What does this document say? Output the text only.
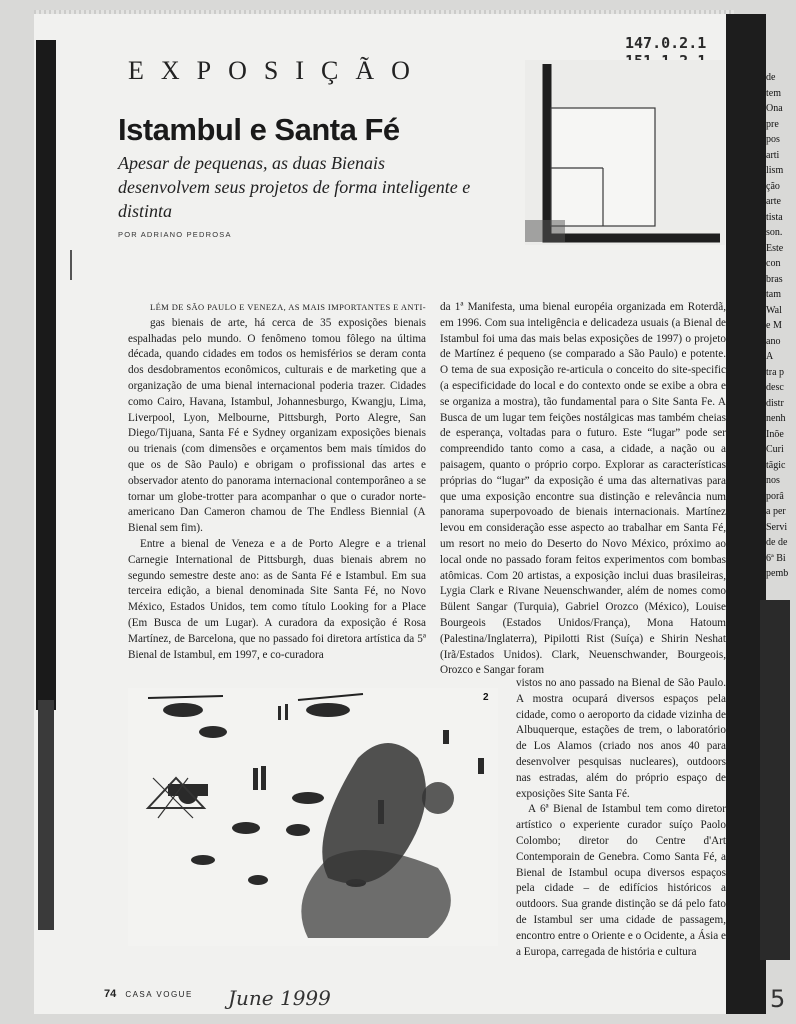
de
tem
Ona
pre
pos
arti
lism
ção
arte
tista
son.
Este
con
bras
tam
Wal
e M
ano
A
tra p
desc
distr
nenh
Inõe
Curi
tãgic
nos
porâ
a per
Servi
de de
6ª Bi
pemb
EXPOSIÇÃO
147.0.2.1
Istambul e Santa Fé
Apesar de pequenas, as duas Bienais desenvolvem seus projetos de forma inteligente e distinta
POR ADRIANO PEDROSA

LÉM DE SÃO PAULO E VENEZA, AS MAIS IMPORTANTES E ANTI-gas bienais de arte, há cerca de 35 exposições bienais espalhadas pelo mundo. O fenômeno tomou fôlego na última década, quando cidades em todos os hemisférios se deram conta dos desdobramentos econômicos, culturais e de marketing que a organização de uma bienal internacional poderia trazer. Cidades como Cairo, Havana, Istambul, Johannesburgo, Kwangju, Lima, Liverpool, Lyon, Melbourne, Pittsburgh, Porto Alegre, San Diego/Tijuana, Santa Fé e Sydney organizam exposições bienais ou trienais (com dimensões e orçamentos bem mais tímidos do que os de São Paulo) e obrigam o profissional das artes e observador atento do panorama internacional contemporâneo a se tornar um globe-trotter para acompanhar o que o curador norte-americano Dan Cameron chamou de The Endless Biennial (A Bienal sem fim).

Entre a bienal de Veneza e a de Porto Alegre e a trienal Carnegie International de Pittsburgh, duas bienais abrem no segundo semestre deste ano: as de Santa Fé e Istambul. Em sua terceira edição, a bienal denominada Site Santa Fé, no Novo México, Estados Unidos, tem como título Looking for a Place (Em Busca de um Lugar). A curadora da exposição é Rosa Martínez, de Barcelona, que no passado foi diretora artística da 5ª Bienal de Istambul, em 1997, e co-curadora

da 1ª Manifesta, uma bienal européia organizada em Roterdã, em 1996. Com sua inteligência e delicadeza usuais (a Bienal de Istambul foi uma das mais belas exposições de 1997) o projeto de Martínez é pequeno (se comparado a São Paulo) e potente. O tema de sua exposição re-articula o conceito do site-specific (a especificidade do local e do contexto onde se exibe a obra e se organiza a mostra), tão fundamental para o Site Santa Fe. A Busca de um lugar tem feições nostálgicas mas também cheias de esperança, voltadas para o futuro. Este “lugar” pode ser compreendido tanto como a casa, a cidade, a nação ou a paisagem, quanto o próprio corpo. Explorar as características próprias do “lugar” da exposição é uma das alternativas para que uma exposição encontre sua distinção e relevância num panorama superpovoado de bienais internacionais. Martínez levou em consideração esse aspecto ao trabalhar em Santa Fé, um resort no meio do Deserto do Novo México, próximo ao local onde no passado foram feitos experimentos com bombas atômicas. Com 20 artistas, a exposição inclui duas brasileiras, Lygia Clark e Rivane Neuenschwander, além de nomes como Bülent Sangar (Turquia), Gabriel Orozco (México), Louise Bourgeois (Estados Unidos/França), Mona Hatoum (Palestina/Inglaterra), Pipilotti Rist (Suíça) e Shirin Neshat (Irã/Estados Unidos). Clark, Neuenschwander, Bourgeois, Orozco e Sangar foram

vistos no ano passado na Bienal de São Paulo. A mostra ocupará diversos espaços pela cidade, como o aeroporto da cidade vizinha de Albuquerque, estações de trem, o laboratório de Los Alamos (criado nos anos 40 para desenvolver pesquisas nucleares), outdoors nas estradas, além do próprio espaço de exposições Site Santa Fé.

A 6ª Bienal de Istambul tem como diretor artístico o experiente curador suíço Paolo Colombo; diretor do Centre d'Art Contemporain de Genebra. Como Santa Fé, a Bienal de Istambul ocupa diversos espaços pela cidade – de edifícios históricos a outdoors. Sua grande distinção se dá pelo fato de Istambul ser uma cidade de passagem, encontro entre o Oriente e o Ocidente, a Ásia e a Europa, carregada de história e cultura

2
74 CASA VOGUE June 1999	5
